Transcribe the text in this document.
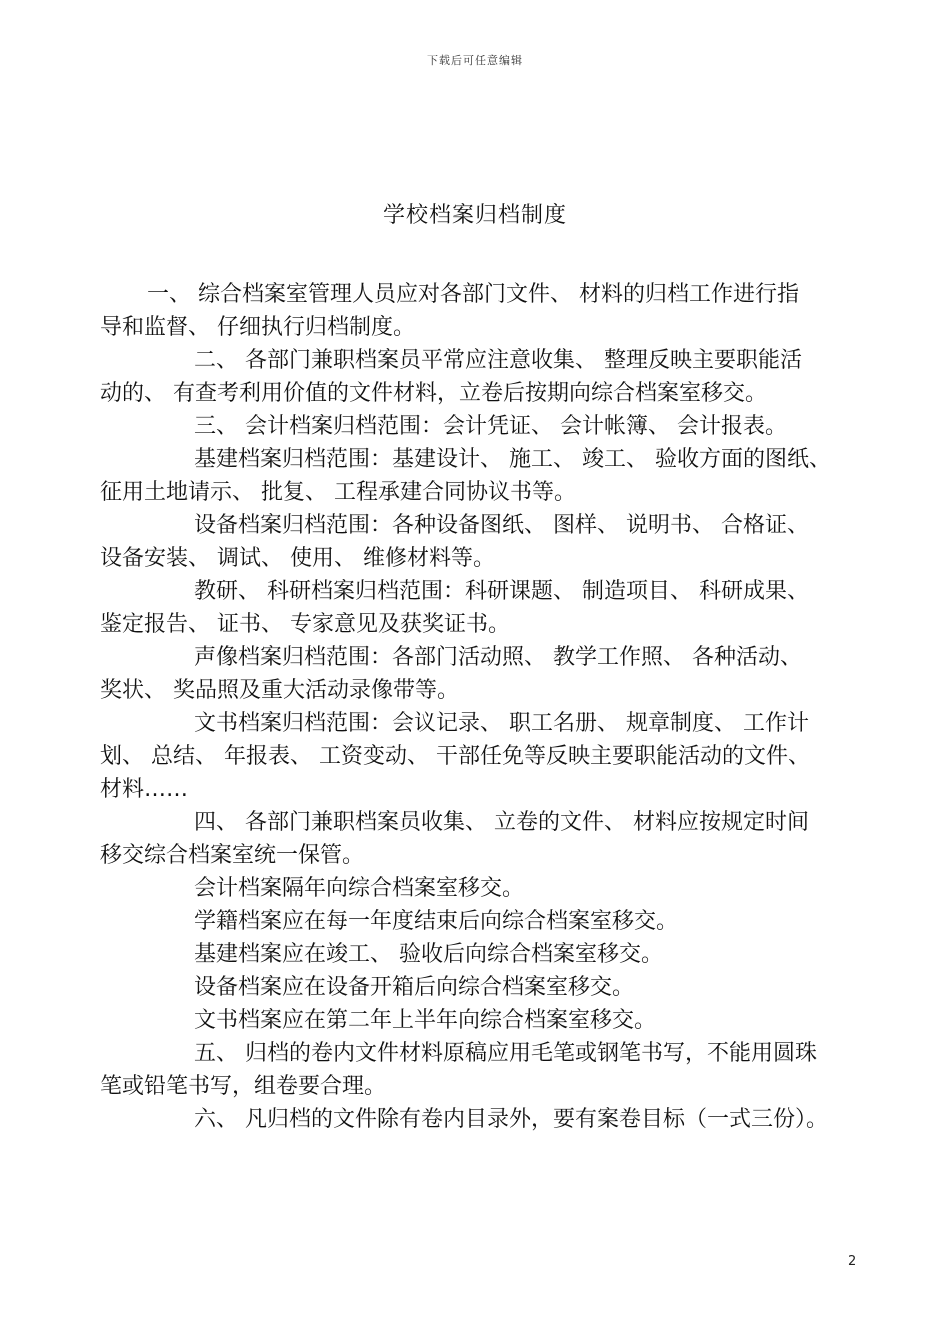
下载后可任意编辑
学校档案归档制度

一、 综合档案室管理人员应对各部门文件、 材料的归档工作进行指

导和监督、 仔细执行归档制度。

二、 各部门兼职档案员平常应注意收集、 整理反映主要职能活

动的、 有查考利用价值的文件材料，立卷后按期向综合档案室移交。

三、 会计档案归档范围：会计凭证、 会计帐簿、 会计报表。

基建档案归档范围：基建设计、 施工、 竣工、 验收方面的图纸、

征用土地请示、 批复、 工程承建合同协议书等。

设备档案归档范围：各种设备图纸、 图样、 说明书、 合格证、

设备安装、 调试、 使用、 维修材料等。

教研、 科研档案归档范围：科研课题、 制造项目、 科研成果、

鉴定报告、 证书、 专家意见及获奖证书。

声像档案归档范围：各部门活动照、 教学工作照、 各种活动、

奖状、 奖品照及重大活动录像带等。

文书档案归档范围：会议记录、 职工名册、 规章制度、 工作计

划、 总结、 年报表、 工资变动、 干部任免等反映主要职能活动的文件、

材料……

四、 各部门兼职档案员收集、 立卷的文件、 材料应按规定时间

移交综合档案室统一保管。

会计档案隔年向综合档案室移交。

学籍档案应在每一年度结束后向综合档案室移交。

基建档案应在竣工、 验收后向综合档案室移交。

设备档案应在设备开箱后向综合档案室移交。

文书档案应在第二年上半年向综合档案室移交。

五、 归档的卷内文件材料原稿应用毛笔或钢笔书写，不能用圆珠

笔或铅笔书写，组卷要合理。

六、 凡归档的文件除有卷内目录外，要有案卷目标（一式三份）。

2
